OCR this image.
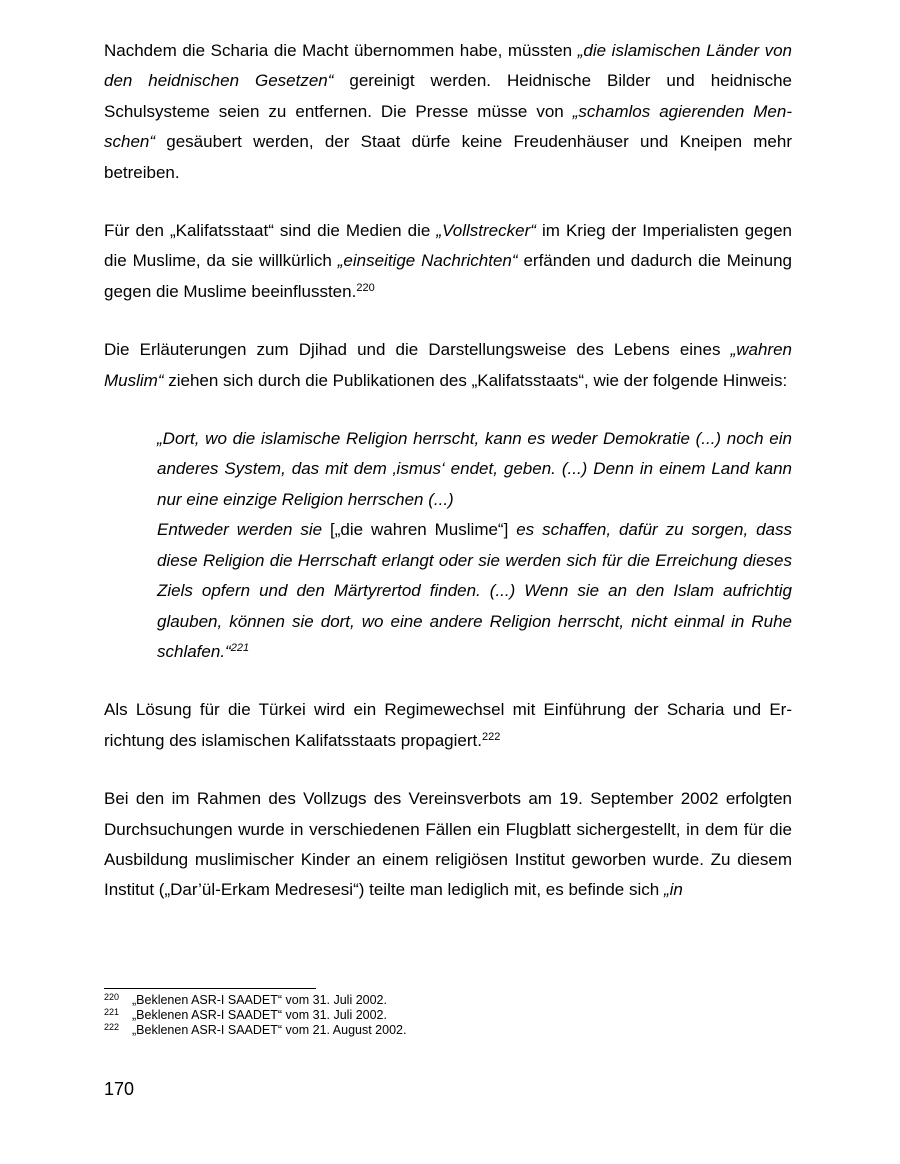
Nachdem die Scharia die Macht übernommen habe, müssten „die islamischen Länder von den heidnischen Gesetzen“ gereinigt werden. Heidnische Bilder und heidnische Schulsysteme seien zu entfernen. Die Presse müsse von „schamlos agierenden Menschen“ gesäubert werden, der Staat dürfe keine Freudenhäuser und Kneipen mehr betreiben.

Für den „Kalifatsstaat“ sind die Medien die „Vollstrecker“ im Krieg der Imperialisten gegen die Muslime, da sie willkürlich „einseitige Nachrichten“ erfänden und dadurch die Meinung gegen die Muslime beeinflussten.$^{220}$

Die Erläuterungen zum Djihad und die Darstellungsweise des Lebens eines „wahren Muslim“ ziehen sich durch die Publikationen des „Kalifatsstaats“, wie der folgende Hinweis:

„Dort, wo die islamische Religion herrscht, kann es weder Demokratie (...) noch ein anderes System, das mit dem ‚ismus‘ endet, geben. (...) Denn in einem Land kann nur eine einzige Religion herrschen (...)
Entweder werden sie [„die wahren Muslime“] es schaffen, dafür zu sorgen, dass diese Religion die Herrschaft erlangt oder sie werden sich für die Erreichung dieses Ziels opfern und den Märtyrertod finden. (...) Wenn sie an den Islam aufrichtig glauben, können sie dort, wo eine andere Religion herrscht, nicht einmal in Ruhe schlafen.“$^{221}$

Als Lösung für die Türkei wird ein Regimewechsel mit Einführung der Scharia und Errichtung des islamischen Kalifatsstaats propagiert.$^{222}$

Bei den im Rahmen des Vollzugs des Vereinsverbots am 19. September 2002 erfolgten Durchsuchungen wurde in verschiedenen Fällen ein Flugblatt sichergestellt, in dem für die Ausbildung muslimischer Kinder an einem religiösen Institut geworben wurde. Zu diesem Institut („Dar’ül-Erkam Medresesi“) teilte man lediglich mit, es befinde sich „in

220 „Beklenen ASR-I SAADET“ vom 31. Juli 2002.
221 „Beklenen ASR-I SAADET“ vom 31. Juli 2002.
222 „Beklenen ASR-I SAADET“ vom 21. August 2002.
170
